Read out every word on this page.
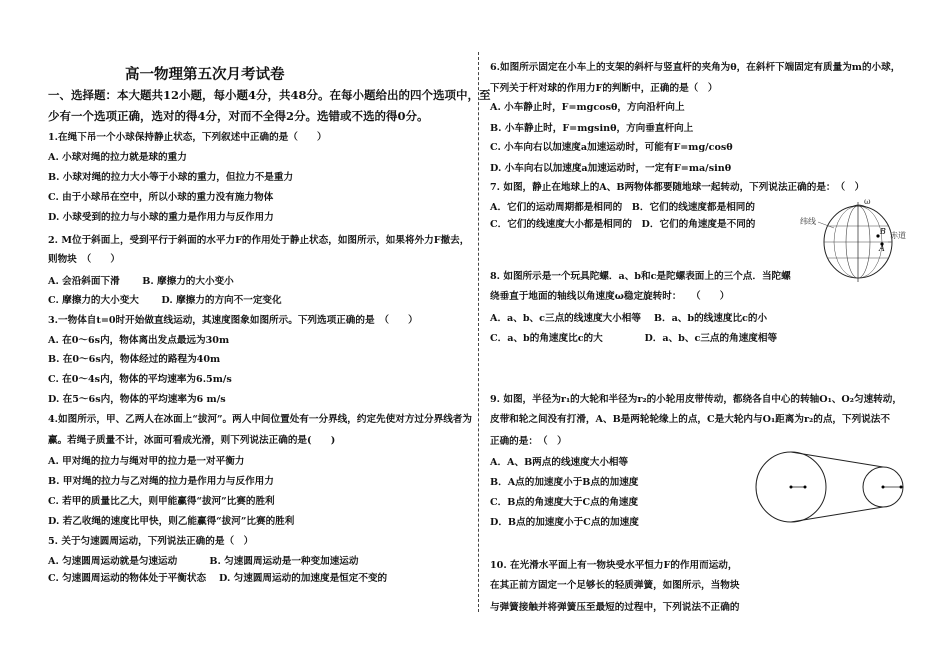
高一物理第五次月考试卷
一、选择题：本大题共12小题，每小题4分，共48分。在每小题给出的四个选项中，至
少有一个选项正确，选对的得4分，对而不全得2分。选错或不选的得0分。
1.在绳下吊一个小球保持静止状态，下列叙述中正确的是（　　）
A. 小球对绳的拉力就是球的重力
B. 小球对绳的拉力大小等于小球的重力，但拉力不是重力
C. 由于小球吊在空中，所以小球的重力没有施力物体
D. 小球受到的拉力与小球的重力是作用力与反作用力
2. M位于斜面上，受到平行于斜面的水平力F的作用处于静止状态，如图所示，如果将外力F撤去，
则物块　（　　）
A. 会沿斜面下滑　　 B. 摩擦力的大小变小
C. 摩擦力的大小变大　　 D. 摩擦力的方向不一定变化
3.一物体自t=0时开始做直线运动，其速度图象如图所示。下列选项正确的是　（　　）
A. 在0～6s内，物体离出发点最远为30m
B. 在0～6s内，物体经过的路程为40m
C. 在0～4s内，物体的平均速率为6.5m/s
D. 在5～6s内，物体的平均速率为6 m/s
4.如图所示，甲、乙两人在冰面上“拔河”。两人中间位置处有一分界线，约定先使对方过分界线者为
赢。若绳子质量不计，冰面可看成光滑，则下列说法正确的是(　　)
A. 甲对绳的拉力与绳对甲的拉力是一对平衡力
B. 甲对绳的拉力与乙对绳的拉力是作用力与反作用力
C. 若甲的质量比乙大，则甲能赢得“拔河”比赛的胜利
D. 若乙收绳的速度比甲快，则乙能赢得“拔河”比赛的胜利
5. 关于匀速圆周运动，下列说法正确的是（　）
A. 匀速圆周运动就是匀速运动　　　 B. 匀速圆周运动是一种变加速运动
C. 匀速圆周运动的物体处于平衡状态　 D. 匀速圆周运动的加速度是恒定不变的
6.如图所示固定在小车上的支架的斜杆与竖直杆的夹角为θ，在斜杆下端固定有质量为m的小球，
下列关于杆对球的作用力F的判断中，正确的是（　）
A. 小车静止时，F=mgcosθ，方向沿杆向上
B. 小车静止时，F=mgsinθ，方向垂直杆向上
C. 小车向右以加速度a加速运动时，可能有F=mg/cosθ
D. 小车向右以加速度a加速运动时，一定有F=ma/sinθ
7. 如图，静止在地球上的A、B两物体都要随地球一起转动，下列说法正确的是：　（　）
A．它们的运动周期都是相同的　B．它们的线速度都是相同的
C．它们的线速度大小都是相同的　D．它们的角速度是不同的
8. 如图所示是一个玩具陀螺．a、b和c是陀螺表面上的三个点．当陀螺
绕垂直于地面的轴线以角速度ω稳定旋转时：　　（　　）
A．a、b、c三点的线速度大小相等　 B．a、b的线速度比c的小
C．a、b的角速度比c的大　　　　 D．a、b、c三点的角速度相等
9. 如图，半径为r₁的大轮和半径为r₂的小轮用皮带传动，都绕各自中心的转轴O₁、O₂匀速转动，
皮带和轮之间没有打滑，A、B是两轮轮缘上的点，C是大轮内与O₁距离为r₂的点，下列说法不
正确的是：　（　）
A．A、B两点的线速度大小相等
B．A点的加速度小于B点的加速度
C．B点的角速度大于C点的角速度
D．B点的加速度小于C点的加速度
10. 在光滑水平面上有一物块受水平恒力F的作用而运动，
在其正前方固定一个足够长的轻质弹簧，如图所示，当物块
与弹簧接触并将弹簧压至最短的过程中，下列说法不正确的
纬线
赤道
ω
B
A
